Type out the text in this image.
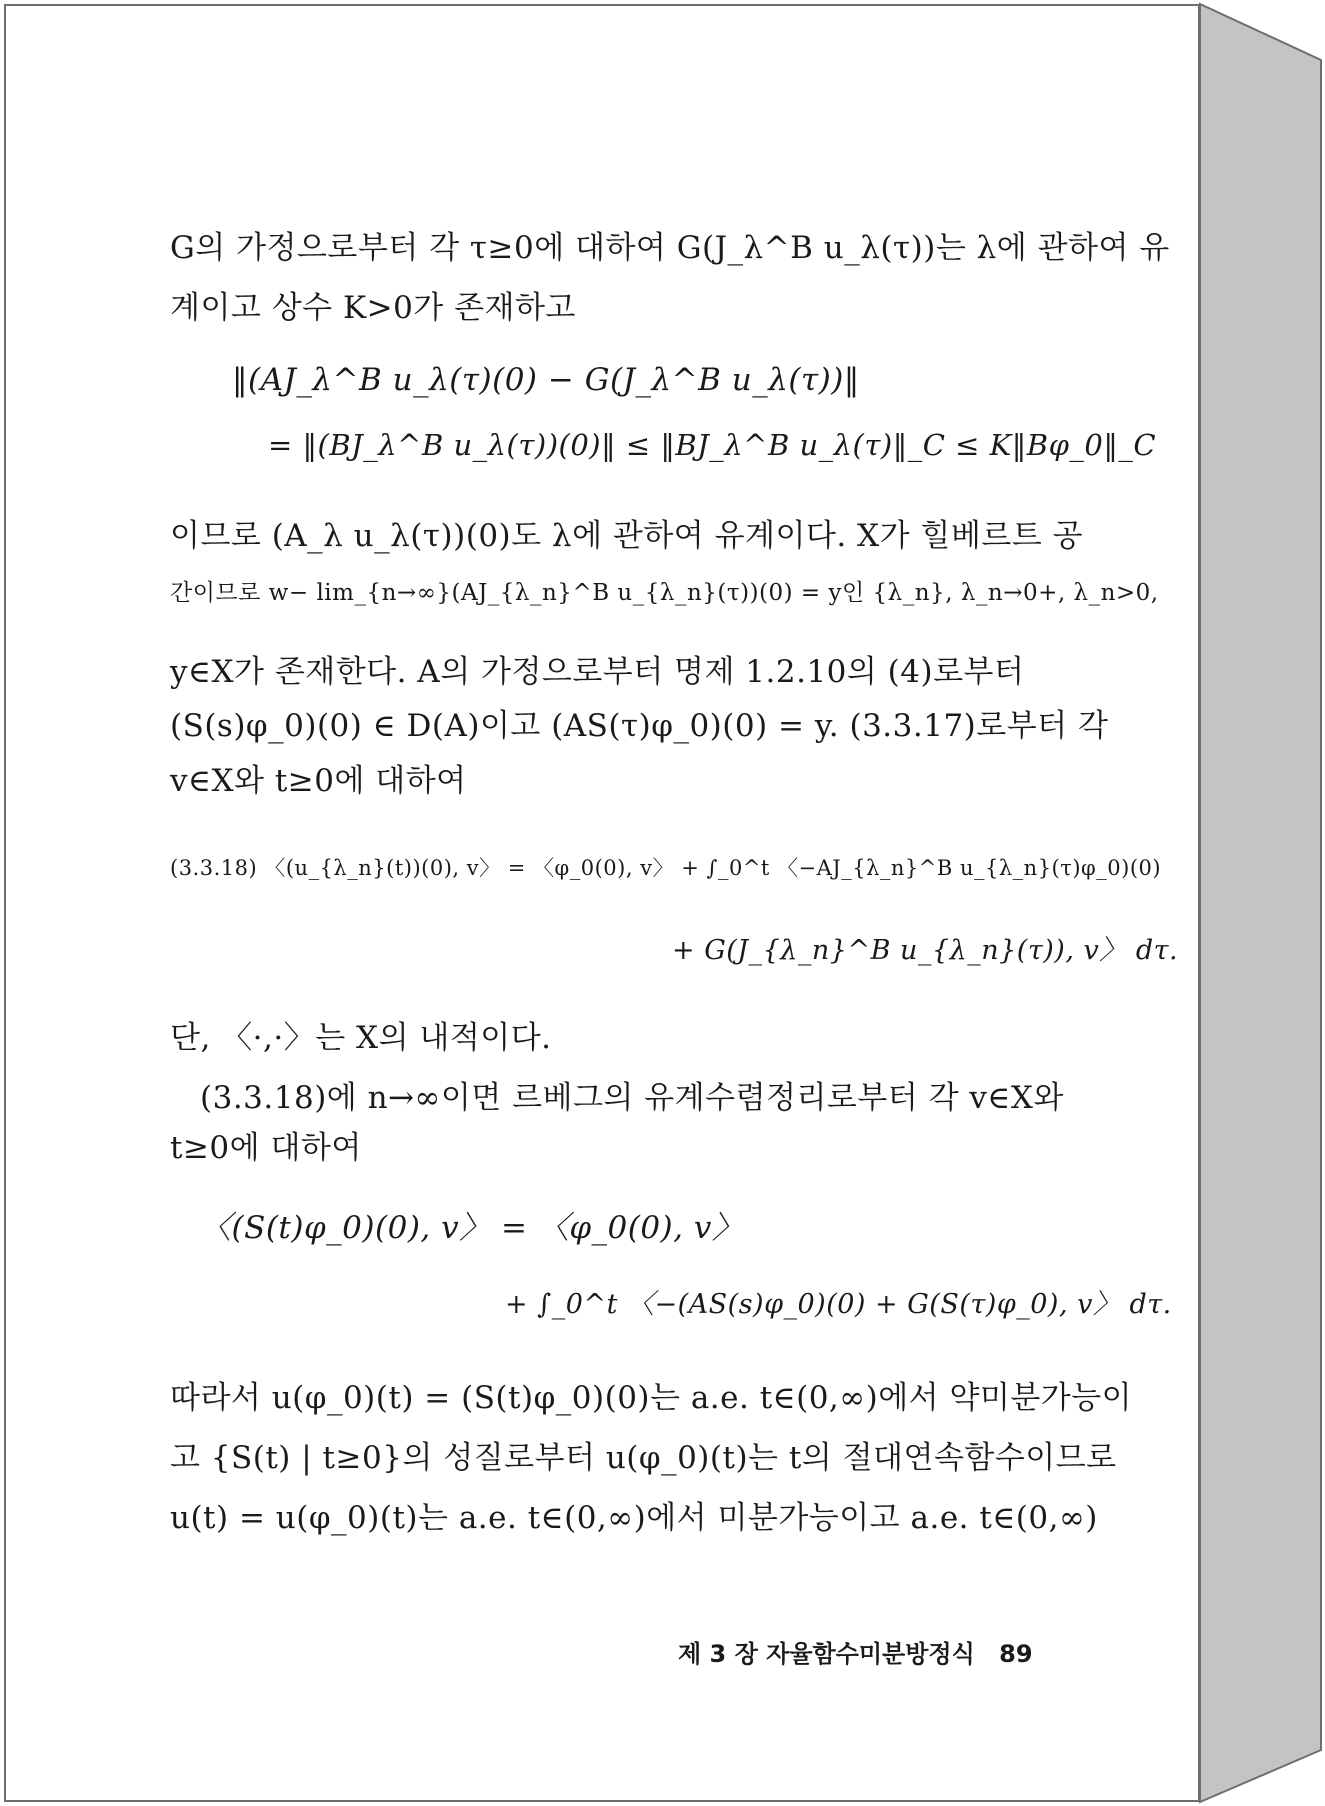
G의 가정으로부터 각 τ≥0에 대하여 G(J_λ^B u_λ(τ))는 λ에 관하여 유
계이고 상수 K>0가 존재하고
‖(AJ_λ^B u_λ(τ)(0) − G(J_λ^B u_λ(τ))‖
= ‖(BJ_λ^B u_λ(τ))(0)‖ ≤ ‖BJ_λ^B u_λ(τ)‖_C ≤ K‖Bφ_0‖_C
이므로 (A_λ u_λ(τ))(0)도 λ에 관하여 유계이다. X가 힐베르트 공
간이므로 w− lim_{n→∞}(AJ_{λ_n}^B u_{λ_n}(τ))(0) = y인 {λ_n}, λ_n→0+, λ_n>0,
y∈X가 존재한다. A의 가정으로부터 명제 1.2.10의 (4)로부터
(S(s)φ_0)(0) ∈ D(A)이고 (AS(τ)φ_0)(0) = y. (3.3.17)로부터 각
v∈X와 t≥0에 대하여
(3.3.18) 〈(u_{λ_n}(t))(0), v〉 = 〈φ_0(0), v〉 + ∫_0^t 〈−AJ_{λ_n}^B u_{λ_n}(τ)φ_0)(0)
+ G(J_{λ_n}^B u_{λ_n}(τ)), v〉 dτ.
단, 〈·,·〉는 X의 내적이다.
(3.3.18)에 n→∞이면 르베그의 유계수렴정리로부터 각 v∈X와
t≥0에 대하여
〈(S(t)φ_0)(0), v〉 = 〈φ_0(0), v〉
+ ∫_0^t 〈−(AS(s)φ_0)(0) + G(S(τ)φ_0), v〉 dτ.
따라서 u(φ_0)(t) = (S(t)φ_0)(0)는 a.e. t∈(0,∞)에서 약미분가능이
고 {S(t) | t≥0}의 성질로부터 u(φ_0)(t)는 t의 절대연속함수이므로
u(t) = u(φ_0)(t)는 a.e. t∈(0,∞)에서 미분가능이고 a.e. t∈(0,∞)
제 3 장 자율함수미분방정식 89
